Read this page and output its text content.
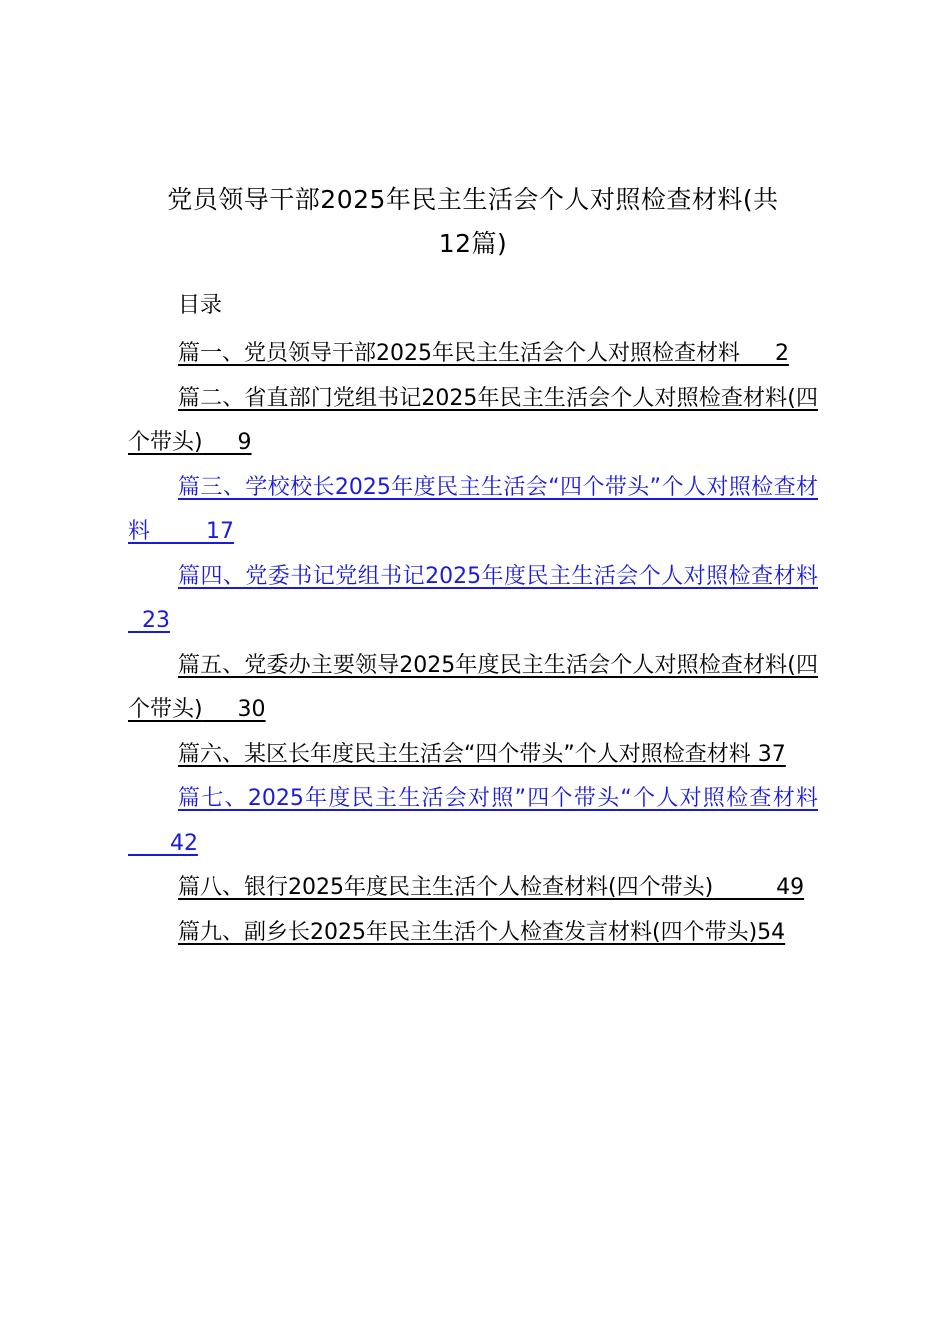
党员领导干部2025年民主生活会个人对照检查材料(共
12篇)
目录
篇一、党员领导干部2025年民主生活会个人对照检查材料     2
篇二、省直部门党组书记2025年民主生活会个人对照检查材料(四个带头)     9
篇三、学校校长2025年度民主生活会“四个带头”个人对照检查材料        17
篇四、党委书记党组书记2025年度民主生活会个人对照检查材料  23
篇五、党委办主要领导2025年度民主生活会个人对照检查材料(四个带头)     30
篇六、某区长年度民主生活会“四个带头”个人对照检查材料 37
篇七、2025年度民主生活会对照”四个带头“个人对照检查材料      42
篇八、银行2025年度民主生活个人检查材料(四个带头)         49
篇九、副乡长2025年民主生活个人检查发言材料(四个带头)54
